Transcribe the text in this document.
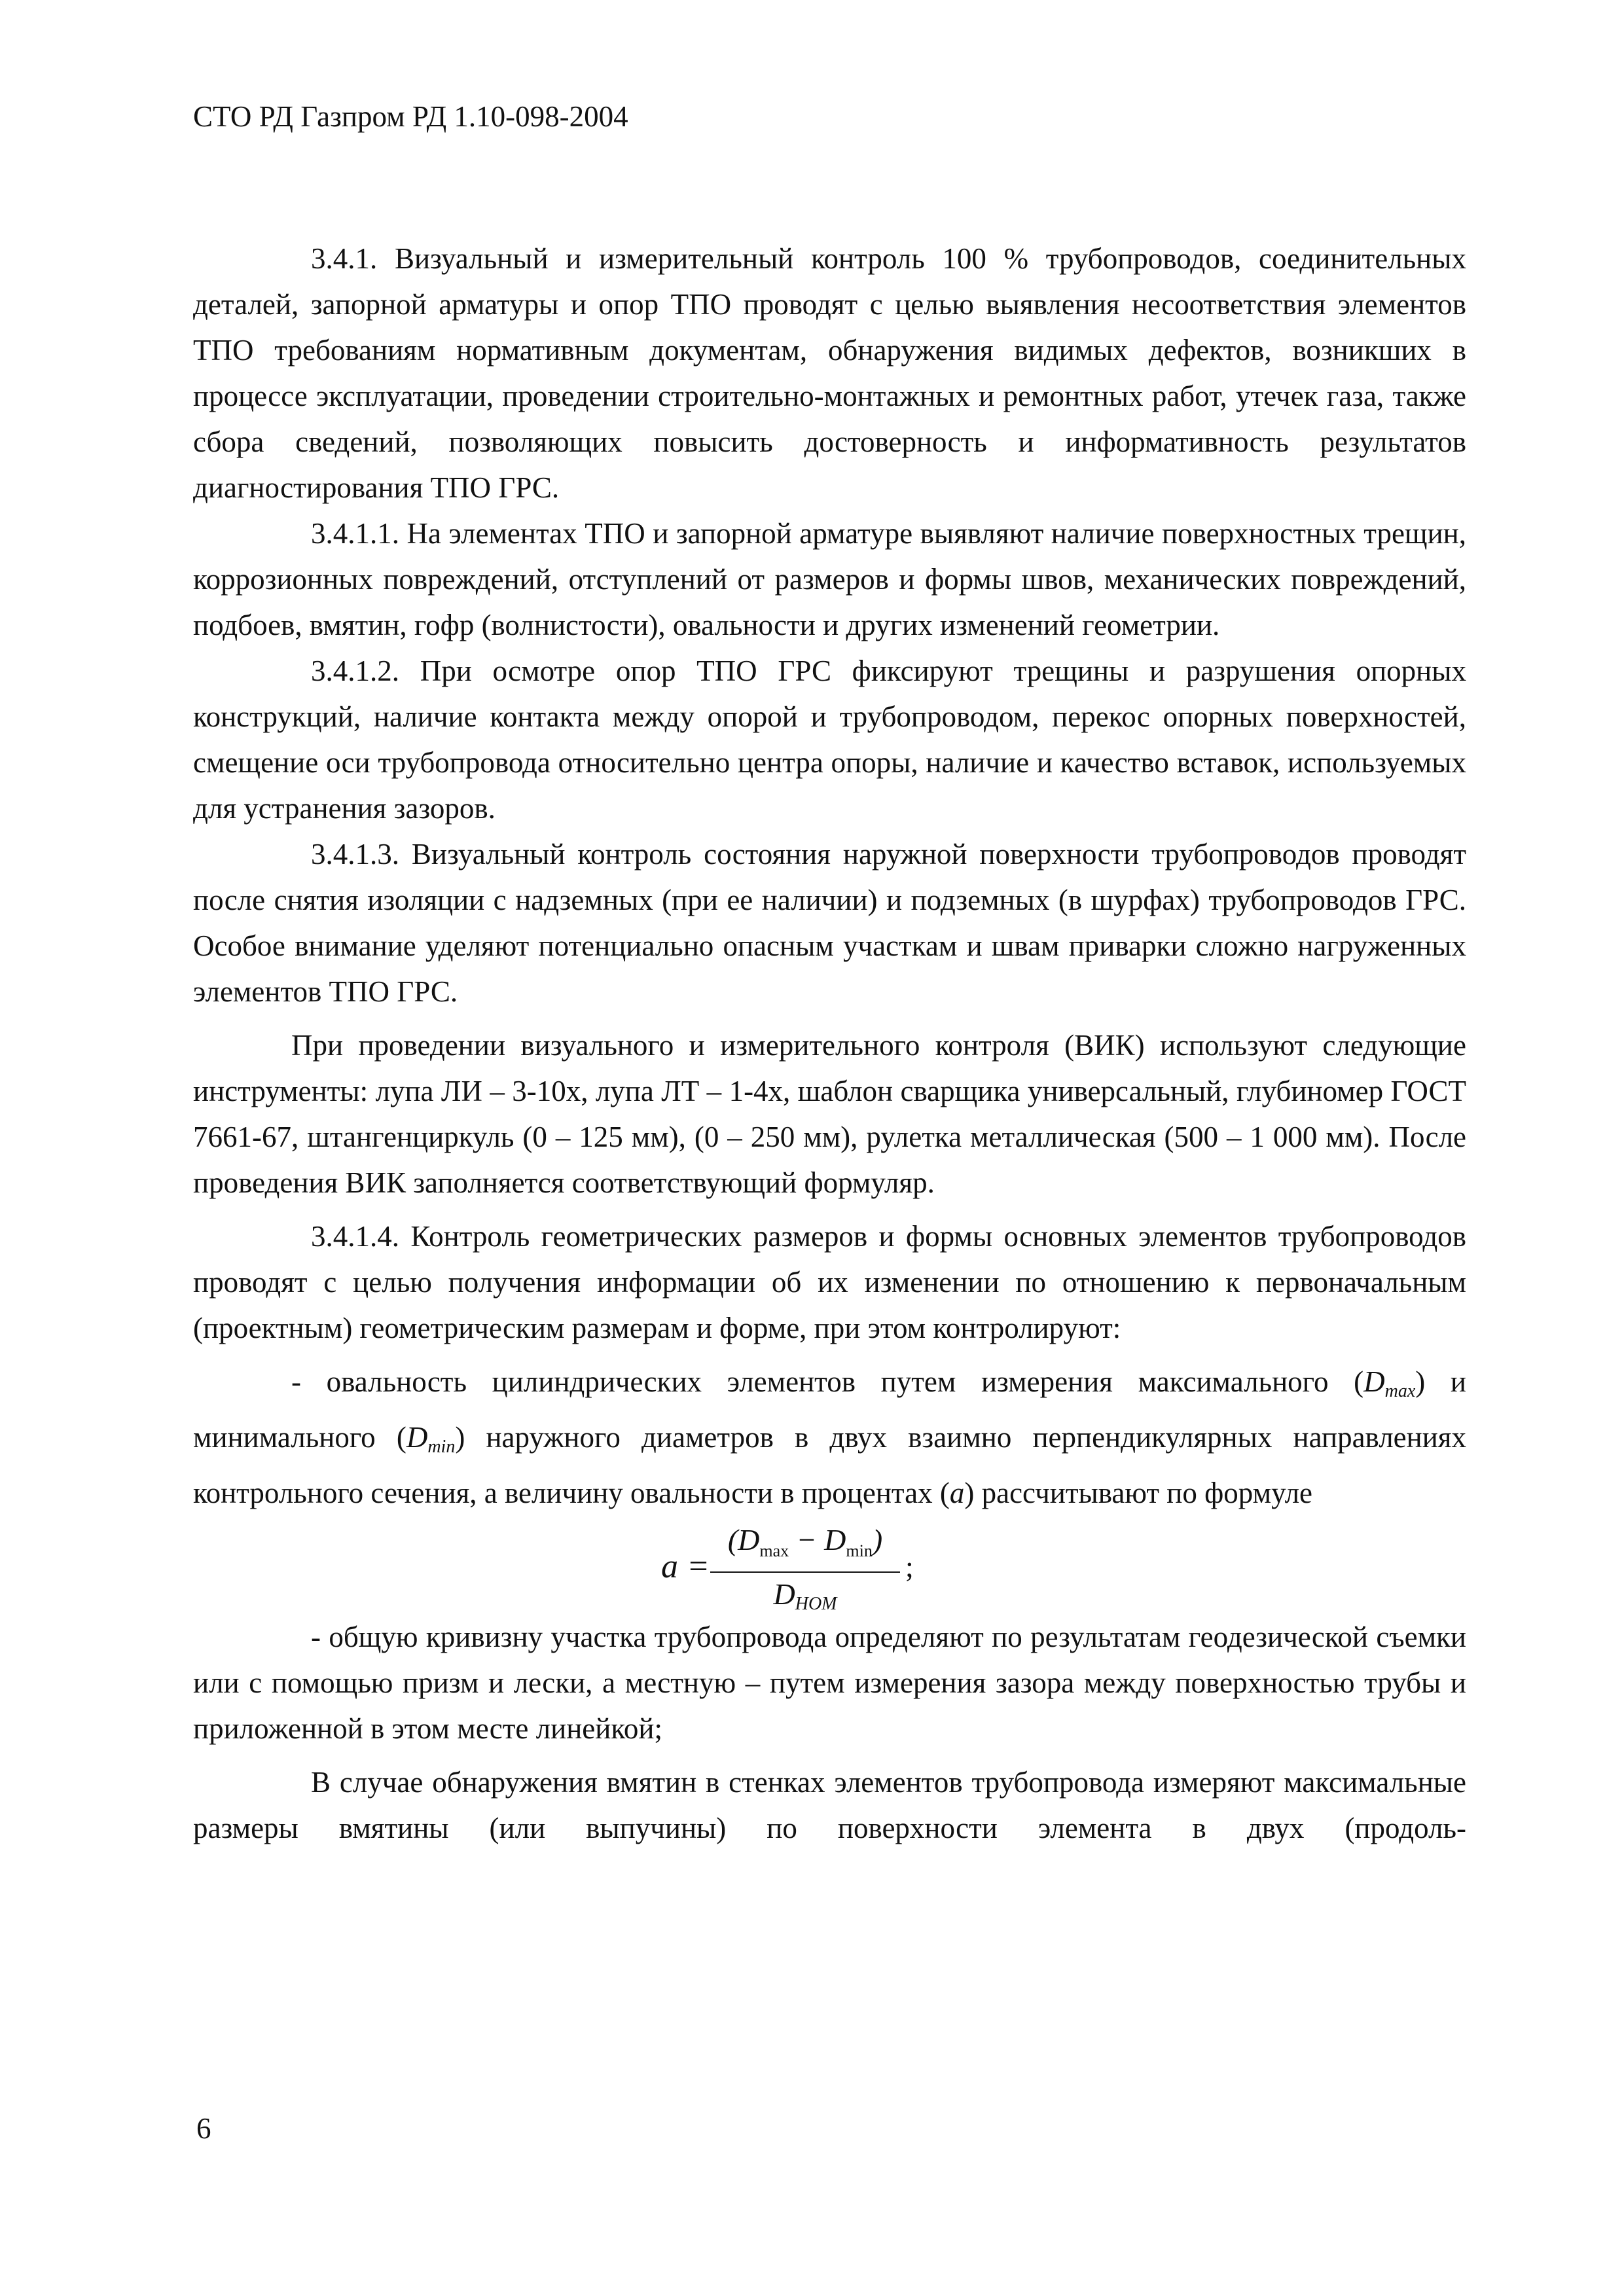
СТО РД Газпром РД 1.10-098-2004

3.4.1. Визуальный и измерительный контроль 100 % трубопроводов, соединительных деталей, запорной арматуры и опор ТПО проводят с целью выявления несоответствия элементов ТПО требованиям нормативным документам, обнаружения видимых дефектов, возникших в процессе эксплуатации, проведении строительно-монтажных и ремонтных работ, утечек газа, также сбора сведений, позволяющих повысить достоверность и информативность результатов диагностирования ТПО ГРС.

3.4.1.1. На элементах ТПО и запорной арматуре выявляют наличие поверхностных трещин, коррозионных повреждений, отступлений от размеров и формы швов, механических повреждений, подбоев, вмятин, гофр (волнистости), овальности и других изменений геометрии.

3.4.1.2. При осмотре опор ТПО ГРС фиксируют трещины и разрушения опорных конструкций, наличие контакта между опорой и трубопроводом, перекос опорных поверхностей, смещение оси трубопровода относительно центра опоры, наличие и качество вставок, используемых для устранения зазоров.

3.4.1.3. Визуальный контроль состояния наружной поверхности трубопроводов проводят после снятия изоляции с надземных (при ее наличии) и подземных (в шурфах) трубопроводов ГРС. Особое внимание уделяют потенциально опасным участкам и швам приварки сложно нагруженных элементов ТПО ГРС.

При проведении визуального и измерительного контроля (ВИК) используют следующие инструменты: лупа ЛИ – 3-10х, лупа ЛТ – 1-4х, шаблон сварщика универсальный, глубиномер ГОСТ 7661-67, штангенциркуль (0 – 125 мм), (0 – 250 мм), рулетка металлическая (500 – 1 000 мм). После проведения ВИК заполняется соответствующий формуляр.

3.4.1.4. Контроль геометрических размеров и формы основных элементов трубопроводов проводят с целью получения информации об их изменении по отношению к первоначальным (проектным) геометрическим размерам и форме, при этом контролируют:

- овальность цилиндрических элементов путем измерения максимального $(D_{max})$ и минимального $(D_{min})$ наружного диаметров в двух взаимно перпендикулярных направлениях контрольного сечения, а величину овальности в процентах (a) рассчитывают по формуле

a =
$(D_{max} - D_{min})$
$D_{НОМ}$
;

- общую кривизну участка трубопровода определяют по результатам геодезической съемки или с помощью призм и лески, а местную – путем измерения зазора между поверхностью трубы и приложенной в этом месте линейкой;

В случае обнаружения вмятин в стенках элементов трубопровода измеряют максимальные размеры вмятины (или выпучины) по поверхности элемента в двух (продоль-

6
